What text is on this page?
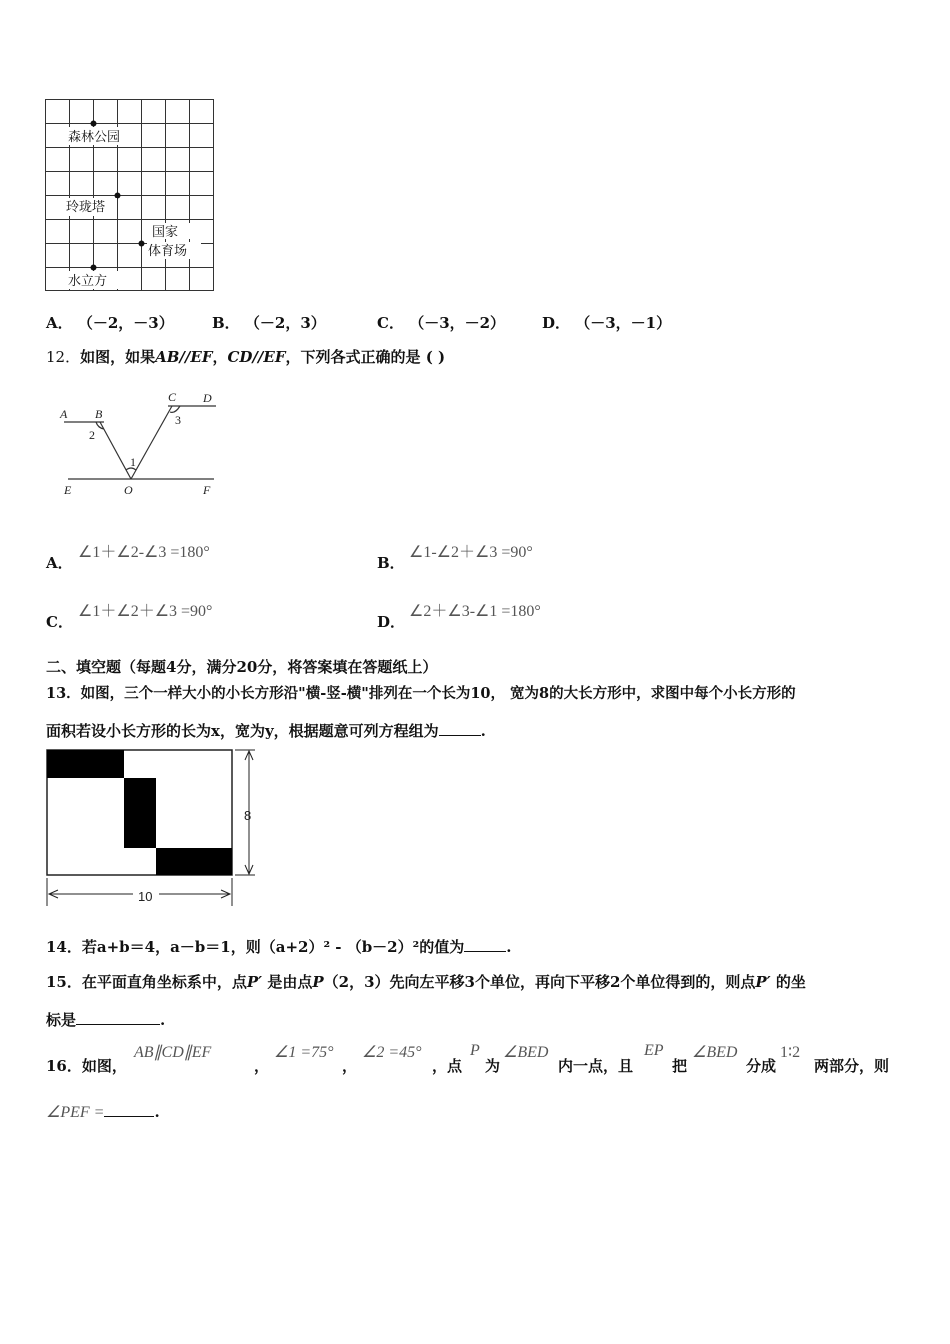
森林公园
玲珑塔
国家
体育场
水立方
A． （－2，－3）	B． （－2，3）	C． （－3，－2） D． （－3，－1）
12．如图，如果AB//EF，CD//EF，下列各式正确的是 ( )
A B
C D
E	O	F
1
2
3
A．
∠1＋∠2-∠3 =180°
B．
∠1-∠2＋∠3 =90°
C．
∠1＋∠2＋∠3 =90°
D．
∠2＋∠3-∠1 =180°
二、填空题（每题4分，满分20分，将答案填在答题纸上）
13．如图，三个一样大小的小长方形沿"横-竖-横"排列在一个长为10， 宽为8的大长方形中，求图中每个小长方形的
面积若设小长方形的长为x，宽为y，根据题意可列方程组为	.
8
10
14．若a+b＝4，a－b＝1，则（a+2）² - （b－2）²的值为	.
15．在平面直角坐标系中，点P′ 是由点P（2，3）先向左平移3个单位，再向下平移2个单位得到的，则点P′ 的坐
标是	.
16．如图，
AB∥CD∥EF
，
∠1 =75°
，
∠2 =45°
，点
P
为
∠BED
内一点，且
EP
把
∠BED
分成
1∶2
两部分，则
∠PEF =	.
